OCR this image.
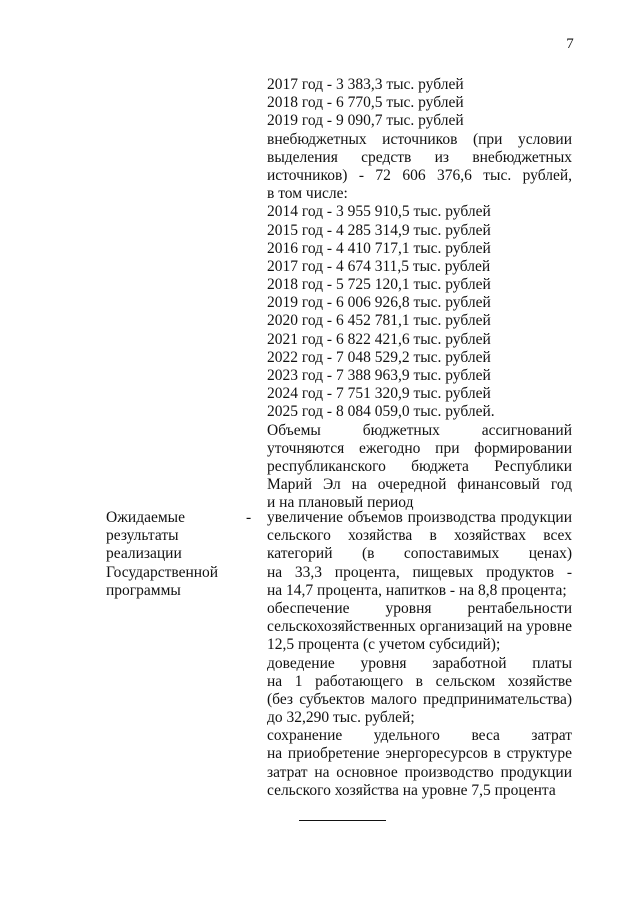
7
2017 год - 3 383,3 тыс. рублей
2018 год - 6 770,5 тыс. рублей
2019 год - 9 090,7 тыс. рублей
внебюджетных источников (при условии
выделения средств из внебюджетных
источников) - 72 606 376,6 тыс. рублей,
в том числе:
2014 год - 3 955 910,5 тыс. рублей
2015 год - 4 285 314,9 тыс. рублей
2016 год - 4 410 717,1 тыс. рублей
2017 год - 4 674 311,5 тыс. рублей
2018 год - 5 725 120,1 тыс. рублей
2019 год - 6 006 926,8 тыс. рублей
2020 год - 6 452 781,1 тыс. рублей
2021 год - 6 822 421,6 тыс. рублей
2022 год - 7 048 529,2 тыс. рублей
2023 год - 7 388 963,9 тыс. рублей
2024 год - 7 751 320,9 тыс. рублей
2025 год - 8 084 059,0 тыс. рублей.
Объемы бюджетных ассигнований
уточняются ежегодно при формировании
республиканского бюджета Республики
Марий Эл на очередной финансовый год
и на плановый период
Ожидаемые
результаты
реализации
Государственной
программы
- увеличение объемов производства продукции
сельского хозяйства в хозяйствах всех
категорий (в сопоставимых ценах)
на 33,3 процента, пищевых продуктов -
на 14,7 процента, напитков - на 8,8 процента;
обеспечение уровня рентабельности
сельскохозяйственных организаций на уровне
12,5 процента (с учетом субсидий);
доведение уровня заработной платы
на 1 работающего в сельском хозяйстве
(без субъектов малого предпринимательства)
до 32,290 тыс. рублей;
сохранение удельного веса затрат
на приобретение энергоресурсов в структуре
затрат на основное производство продукции
сельского хозяйства на уровне 7,5 процента
